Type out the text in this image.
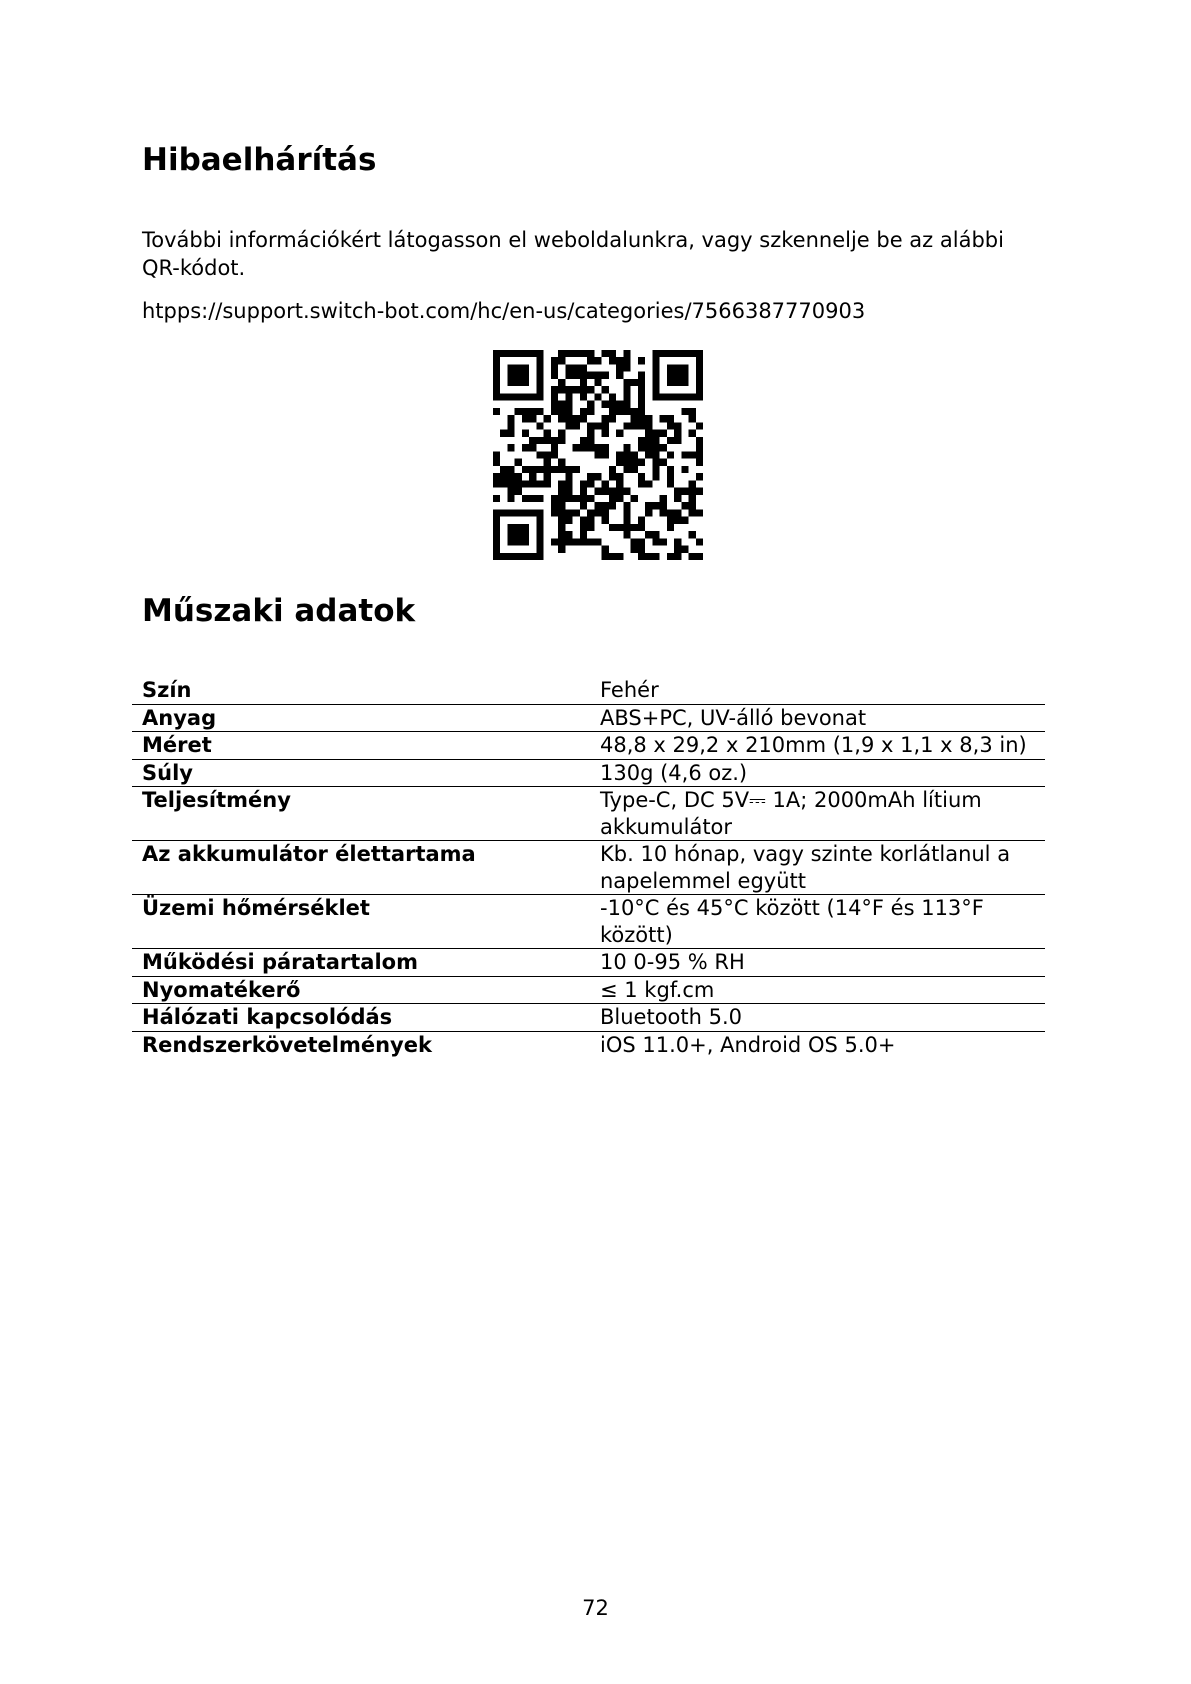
Hibaelhárítás

További információkért látogasson el weboldalunkra, vagy szkennelje be az alábbi QR-kódot.

htpps://support.switch-bot.com/hc/en-us/categories/7566387770903

Műszaki adatok
Szín	Fehér
Anyag	ABS+PC, UV-álló bevonat
Méret	48,8 x 29,2 x 210mm (1,9 x 1,1 x 8,3 in)
Súly	130g (4,6 oz.)
Teljesítmény	Type-C, DC 5V⎓ 1A; 2000mAh lítium akkumulátor
Az akkumulátor élettartama	Kb. 10 hónap, vagy szinte korlátlanul a napelemmel együtt
Üzemi hőmérséklet	-10°C és 45°C között (14°F és 113°F között)
Működési páratartalom	10 0-95 % RH
Nyomatékerő	≤ 1 kgf.cm
Hálózati kapcsolódás	Bluetooth 5.0
Rendszerkövetelmények	iOS 11.0+, Android OS 5.0+
72
